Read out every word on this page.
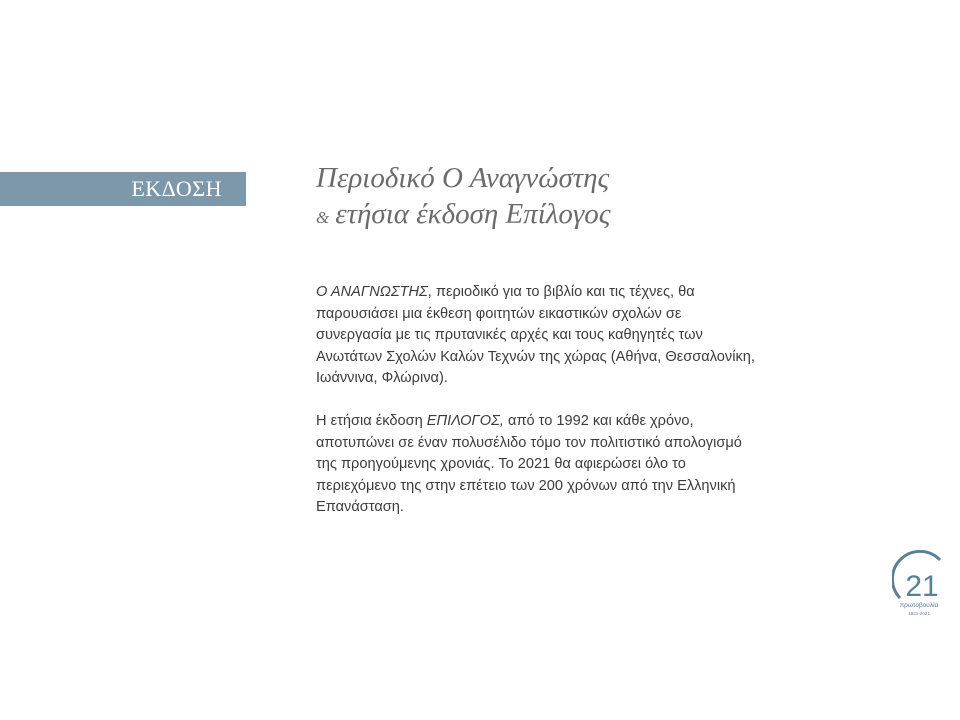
ΕΚΔΟΣΗ	Περιοδικό Ο Αναγνώστης
& ετήσια έκδοση Επίλογος

Ο ΑΝΑΓΝΩΣΤΗΣ, περιοδικό για το βιβλίο και τις τέχνες, θα
παρουσιάσει μια έκθεση φοιτητών εικαστικών σχολών σε
συνεργασία με τις πρυτανικές αρχές και τους καθηγητές των
Ανωτάτων Σχολών Καλών Τεχνών της χώρας (Αθήνα, Θεσσαλονίκη,
Ιωάννινα, Φλώρινα).

Η ετήσια έκδοση ΕΠΙΛΟΓΟΣ, από το 1992 και κάθε χρόνο,
αποτυπώνει σε έναν πολυσέλιδο τόμο τον πολιτιστικό απολογισμό
της προηγούμενης χρονιάς. Το 2021 θα αφιερώσει όλο το
περιεχόμενο της στην επέτειο των 200 χρόνων από την Ελληνική
Επανάσταση.

21
πρωτοβουλία
1821-2021
